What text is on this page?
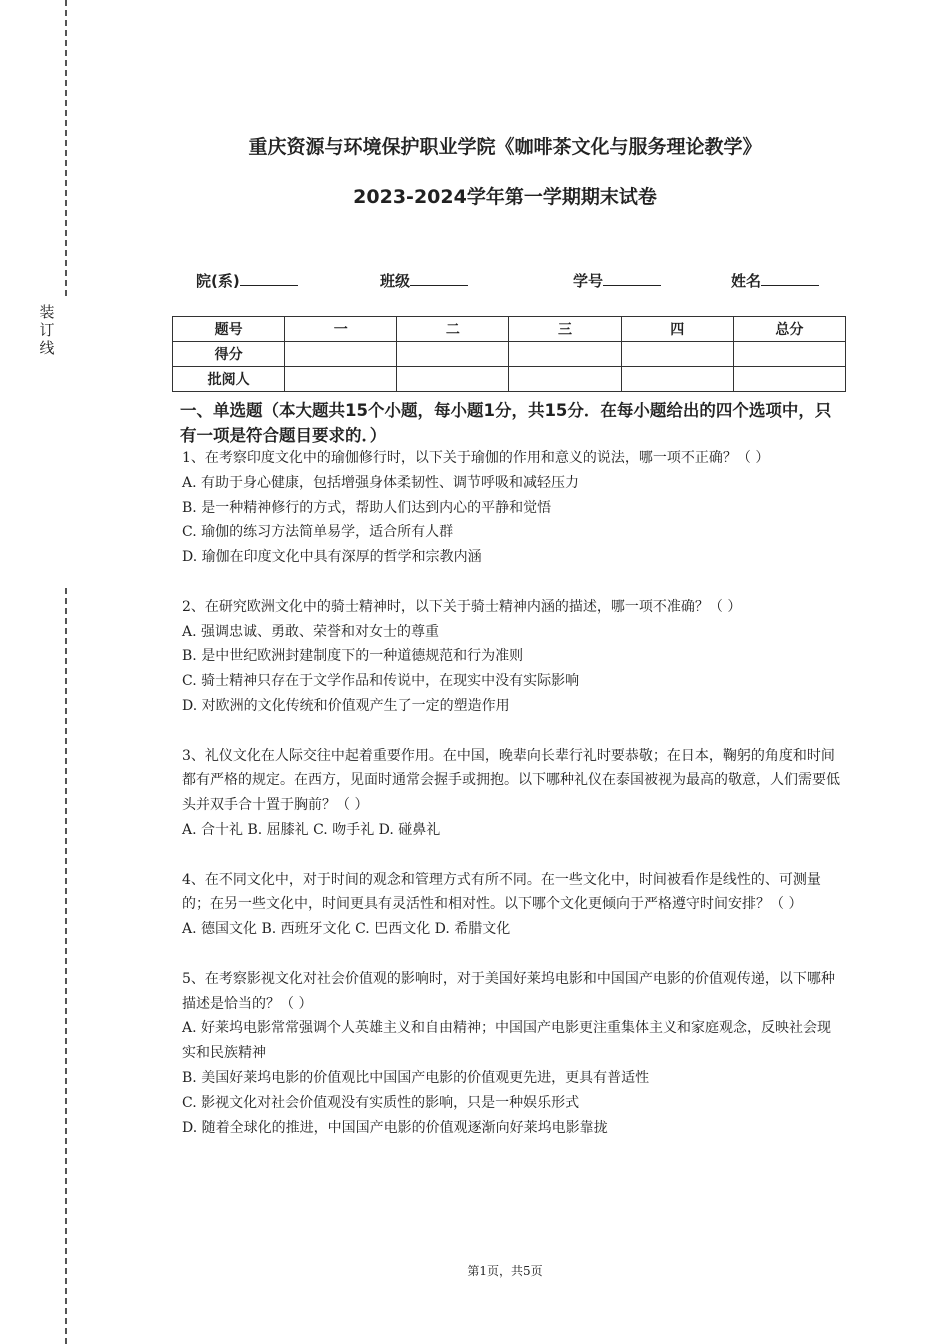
装订线
重庆资源与环境保护职业学院《咖啡茶文化与服务理论教学》
2023-2024学年第一学期期末试卷
院(系)	班级	学号	姓名
题号	一	二	三	四	总分
得分					
批阅人					
一、单选题（本大题共15个小题，每小题1分，共15分．在每小题给出的四个选项中，只有一项是符合题目要求的．）

1、在考察印度文化中的瑜伽修行时，以下关于瑜伽的作用和意义的说法，哪一项不正确？（ ）

A. 有助于身心健康，包括增强身体柔韧性、调节呼吸和减轻压力

B. 是一种精神修行的方式，帮助人们达到内心的平静和觉悟

C. 瑜伽的练习方法简单易学，适合所有人群

D. 瑜伽在印度文化中具有深厚的哲学和宗教内涵

2、在研究欧洲文化中的骑士精神时，以下关于骑士精神内涵的描述，哪一项不准确？（ ）

A. 强调忠诚、勇敢、荣誉和对女士的尊重

B. 是中世纪欧洲封建制度下的一种道德规范和行为准则

C. 骑士精神只存在于文学作品和传说中，在现实中没有实际影响

D. 对欧洲的文化传统和价值观产生了一定的塑造作用

3、礼仪文化在人际交往中起着重要作用。在中国，晚辈向长辈行礼时要恭敬；在日本，鞠躬的角度和时间都有严格的规定。在西方，见面时通常会握手或拥抱。以下哪种礼仪在泰国被视为最高的敬意，人们需要低头并双手合十置于胸前？（ ）

A. 合十礼 B. 屈膝礼 C. 吻手礼 D. 碰鼻礼

4、在不同文化中，对于时间的观念和管理方式有所不同。在一些文化中，时间被看作是线性的、可测量的；在另一些文化中，时间更具有灵活性和相对性。以下哪个文化更倾向于严格遵守时间安排？（ ）

A. 德国文化 B. 西班牙文化 C. 巴西文化 D. 希腊文化

5、在考察影视文化对社会价值观的影响时，对于美国好莱坞电影和中国国产电影的价值观传递，以下哪种描述是恰当的？（ ）

A. 好莱坞电影常常强调个人英雄主义和自由精神；中国国产电影更注重集体主义和家庭观念，反映社会现实和民族精神

B. 美国好莱坞电影的价值观比中国国产电影的价值观更先进，更具有普适性

C. 影视文化对社会价值观没有实质性的影响，只是一种娱乐形式

D. 随着全球化的推进，中国国产电影的价值观逐渐向好莱坞电影靠拢

第1页，共5页
